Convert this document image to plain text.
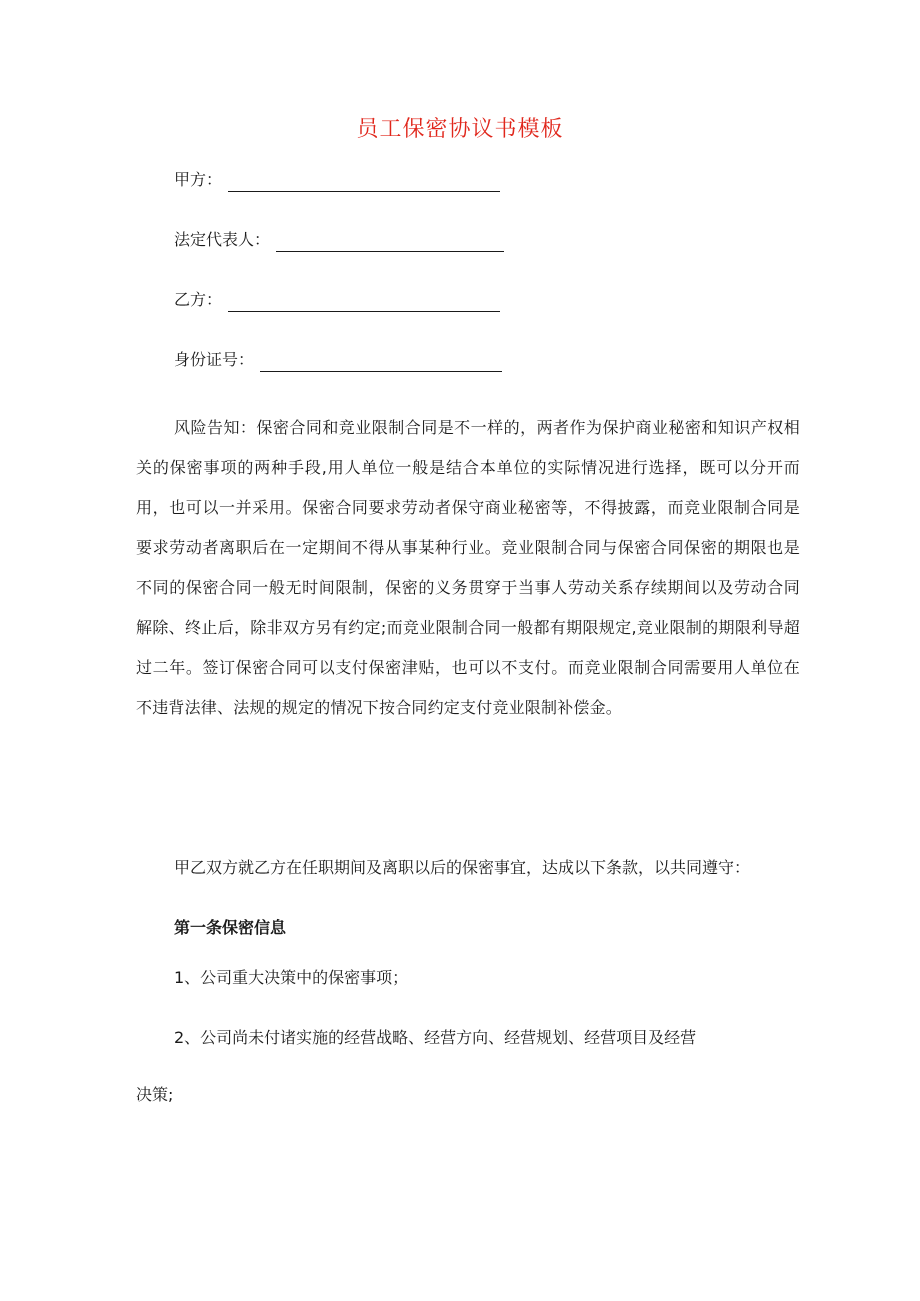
员工保密协议书模板
甲方：
法定代表人：
乙方：
身份证号：

风险告知：保密合同和竞业限制合同是不一样的，两者作为保护商业秘密和知识产权相关的保密事项的两种手段,用人单位一般是结合本单位的实际情况进行选择，既可以分开而用，也可以一并采用。保密合同要求劳动者保守商业秘密等，不得披露，而竞业限制合同是要求劳动者离职后在一定期间不得从事某种行业。竞业限制合同与保密合同保密的期限也是不同的保密合同一般无时间限制，保密的义务贯穿于当事人劳动关系存续期间以及劳动合同解除、终止后，除非双方另有约定;而竞业限制合同一般都有期限规定,竞业限制的期限利导超过二年。签订保密合同可以支付保密津贴，也可以不支付。而竞业限制合同需要用人单位在不违背法律、法规的规定的情况下按合同约定支付竞业限制补偿金。

甲乙双方就乙方在任职期间及离职以后的保密事宜，达成以下条款，以共同遵守：

第一条保密信息

1、公司重大决策中的保密事项；

2、公司尚未付诸实施的经营战略、经营方向、经营规划、经营项目及经营

决策;
